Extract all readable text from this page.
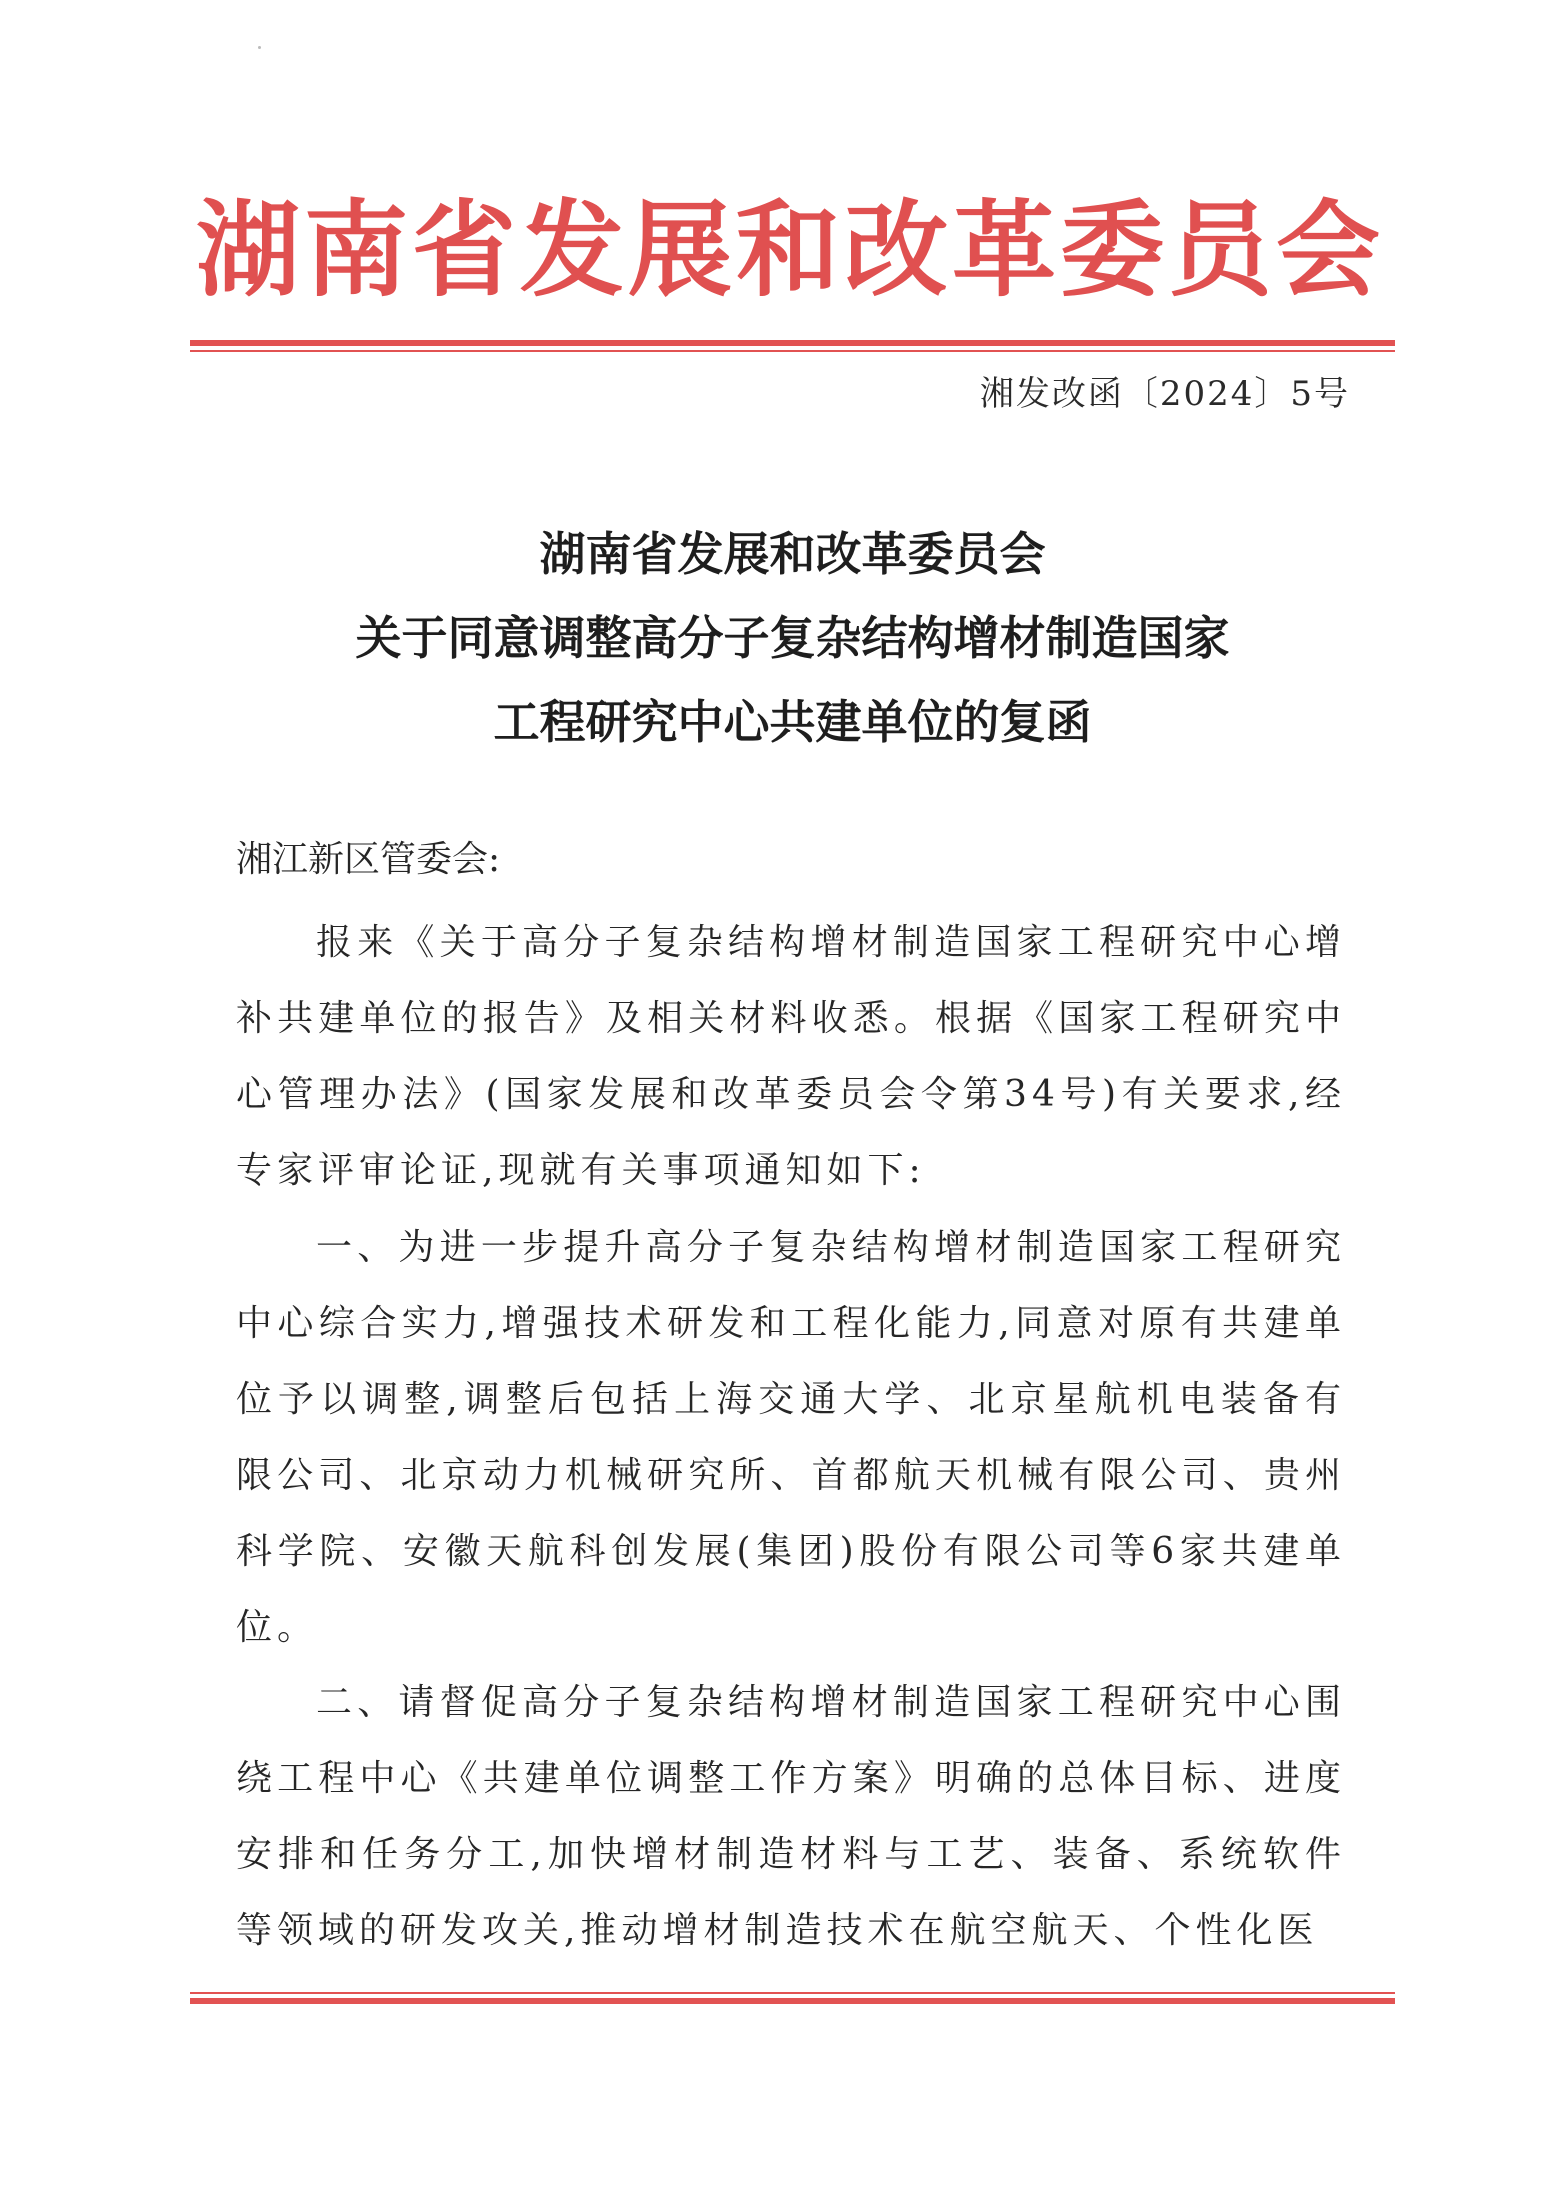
湖南省发展和改革委员会
湘发改函〔2024〕5号
湖南省发展和改革委员会
关于同意调整高分子复杂结构增材制造国家
工程研究中心共建单位的复函
湘江新区管委会:
报来《关于高分子复杂结构增材制造国家工程研究中心增补共建单位的报告》及相关材料收悉。根据《国家工程研究中心管理办法》(国家发展和改革委员会令第34号)有关要求,经专家评审论证,现就有关事项通知如下:
一、为进一步提升高分子复杂结构增材制造国家工程研究中心综合实力,增强技术研发和工程化能力,同意对原有共建单位予以调整,调整后包括上海交通大学、北京星航机电装备有限公司、北京动力机械研究所、首都航天机械有限公司、贵州科学院、安徽天航科创发展(集团)股份有限公司等6家共建单位。
二、请督促高分子复杂结构增材制造国家工程研究中心围绕工程中心《共建单位调整工作方案》明确的总体目标、进度安排和任务分工,加快增材制造材料与工艺、装备、系统软件等领域的研发攻关,推动增材制造技术在航空航天、个性化医
